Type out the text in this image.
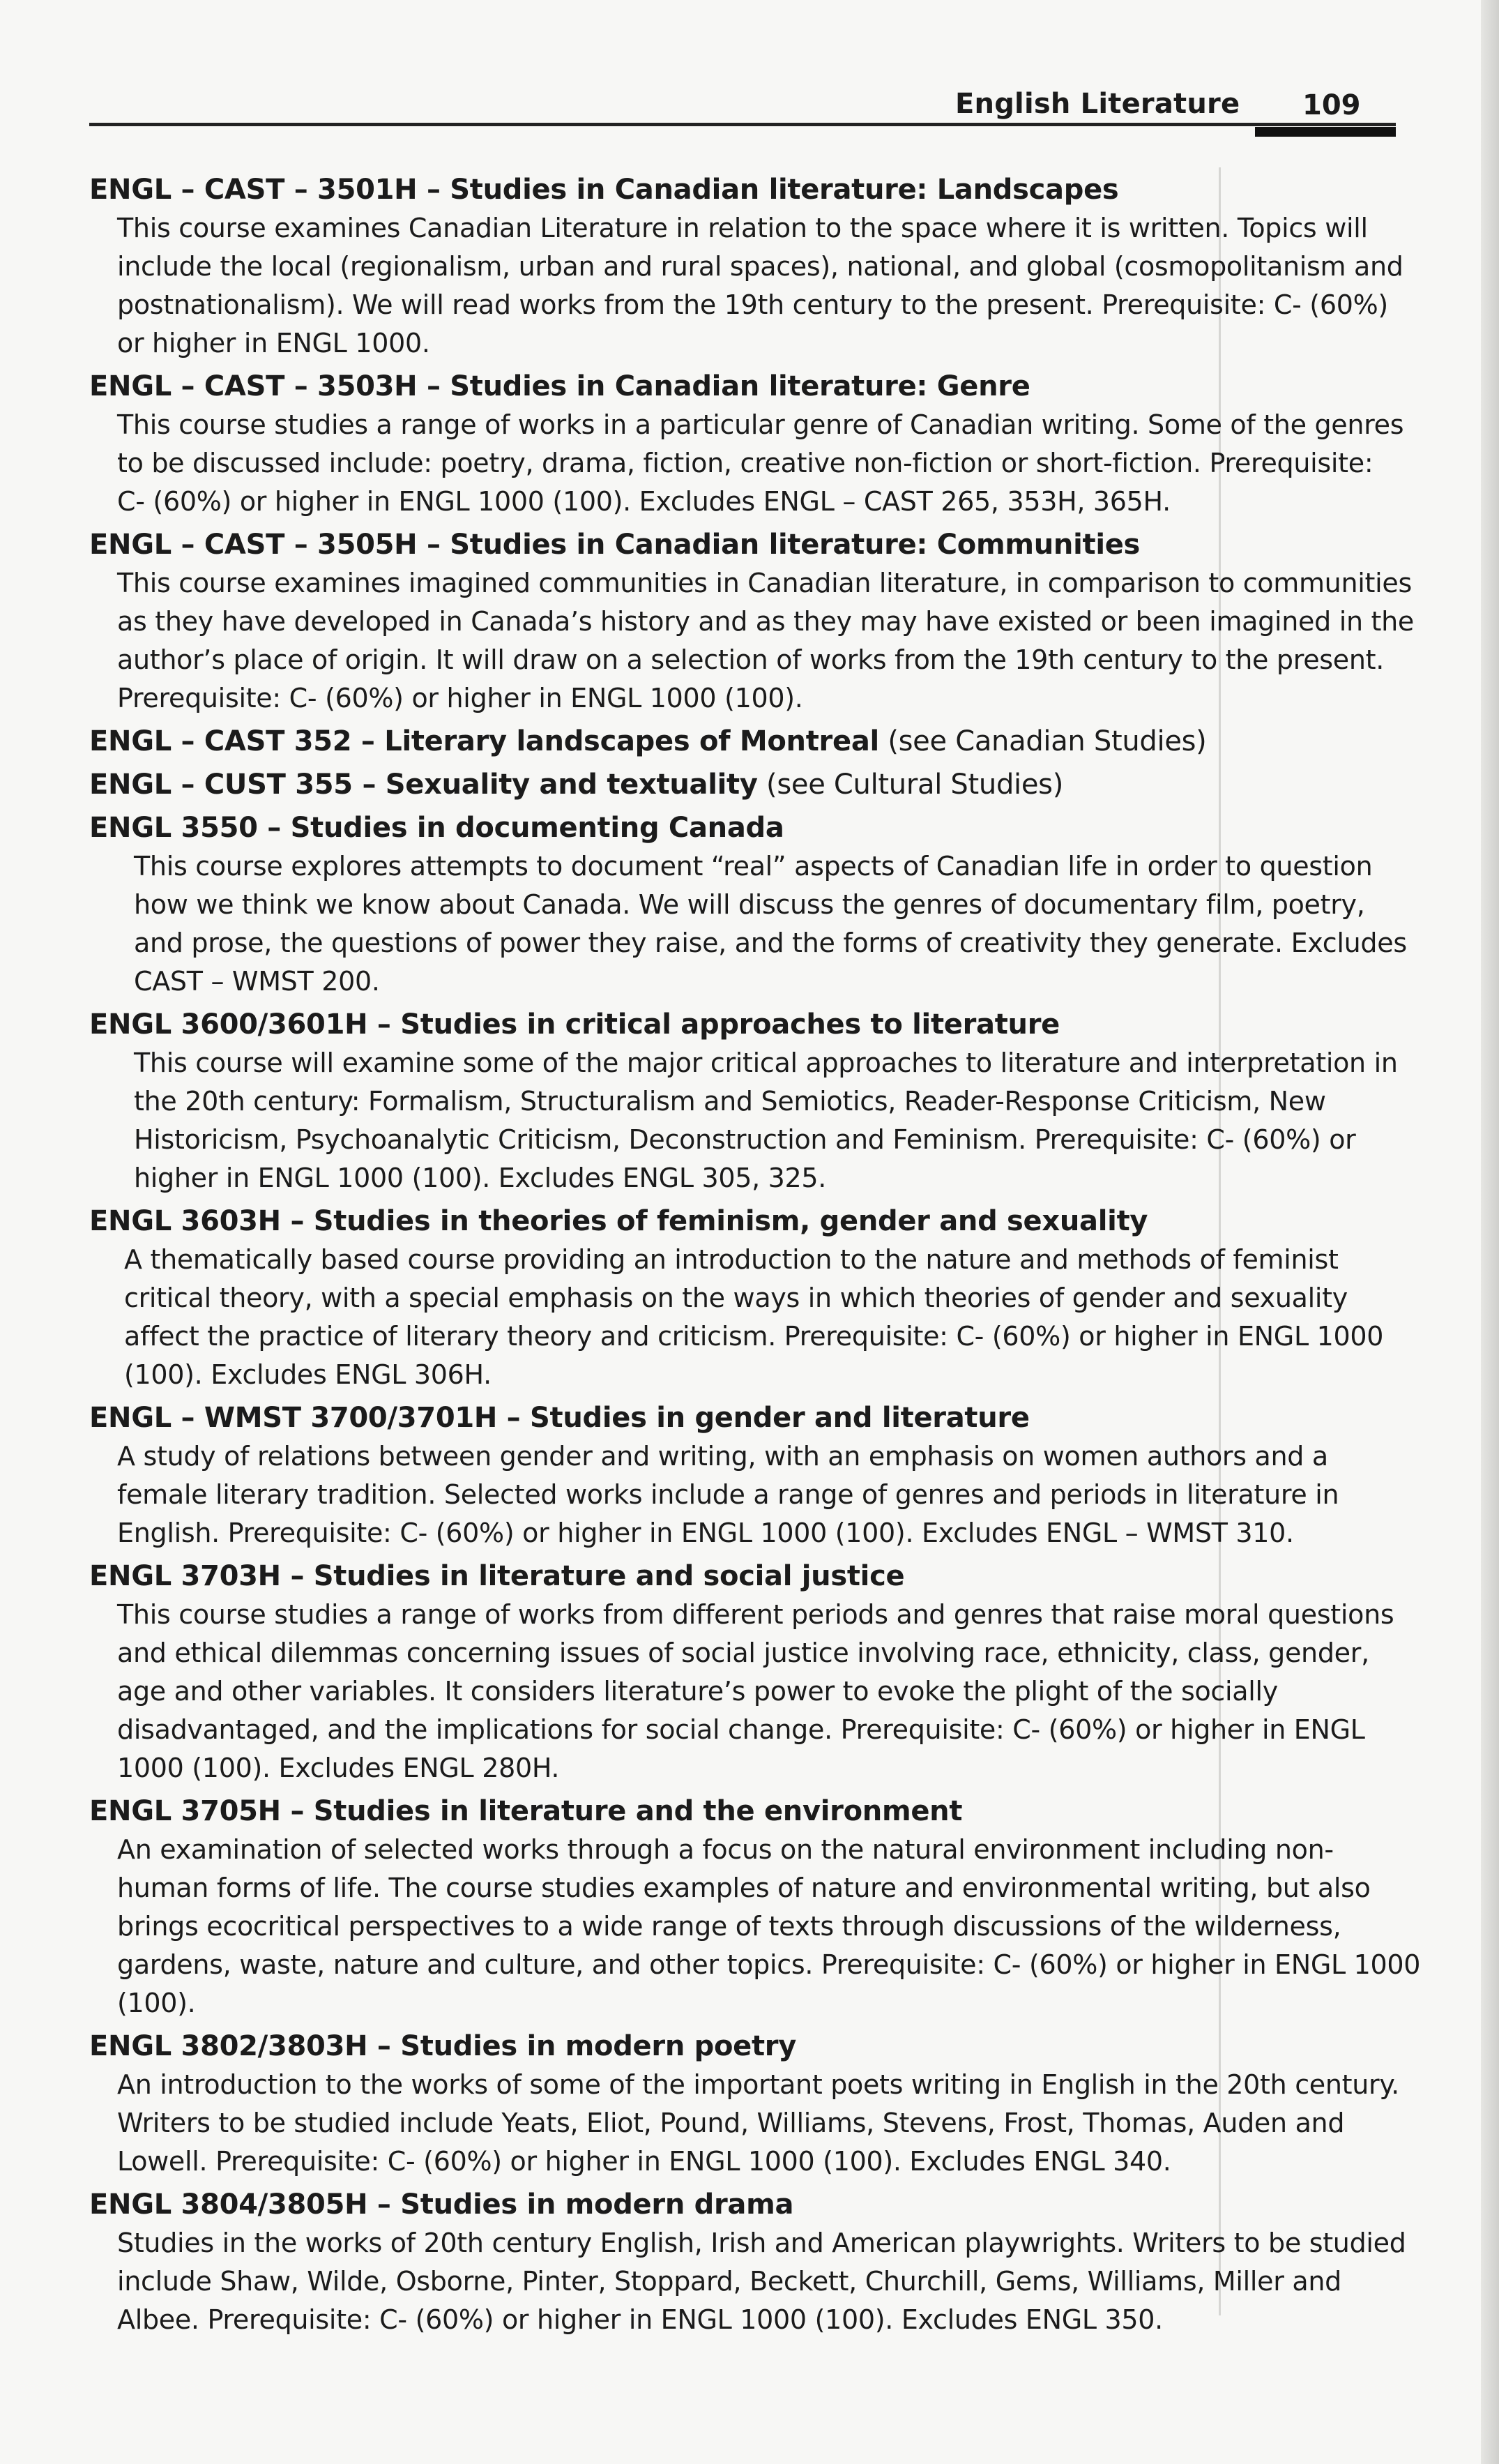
English Literature 109
ENGL – CAST – 3501H – Studies in Canadian literature: Landscapes
This course examines Canadian Literature in relation to the space where it is written. Topics will
include the local (regionalism, urban and rural spaces), national, and global (cosmopolitanism and
postnationalism). We will read works from the 19th century to the present. Prerequisite: C- (60%)
or higher in ENGL 1000.
ENGL – CAST – 3503H – Studies in Canadian literature: Genre
This course studies a range of works in a particular genre of Canadian writing. Some of the genres
to be discussed include: poetry, drama, fiction, creative non-fiction or short-fiction. Prerequisite:
C- (60%) or higher in ENGL 1000 (100). Excludes ENGL – CAST 265, 353H, 365H.
ENGL – CAST – 3505H – Studies in Canadian literature: Communities
This course examines imagined communities in Canadian literature, in comparison to communities
as they have developed in Canada’s history and as they may have existed or been imagined in the
author’s place of origin. It will draw on a selection of works from the 19th century to the present.
Prerequisite: C- (60%) or higher in ENGL 1000 (100).
ENGL – CAST 352 – Literary landscapes of Montreal (see Canadian Studies)
ENGL – CUST 355 – Sexuality and textuality (see Cultural Studies)
ENGL 3550 – Studies in documenting Canada
This course explores attempts to document “real” aspects of Canadian life in order to question
how we think we know about Canada. We will discuss the genres of documentary film, poetry,
and prose, the questions of power they raise, and the forms of creativity they generate. Excludes
CAST – WMST 200.
ENGL 3600/3601H – Studies in critical approaches to literature
This course will examine some of the major critical approaches to literature and interpretation in
the 20th century: Formalism, Structuralism and Semiotics, Reader-Response Criticism, New
Historicism, Psychoanalytic Criticism, Deconstruction and Feminism. Prerequisite: C- (60%) or
higher in ENGL 1000 (100). Excludes ENGL 305, 325.
ENGL 3603H – Studies in theories of feminism, gender and sexuality
A thematically based course providing an introduction to the nature and methods of feminist
critical theory, with a special emphasis on the ways in which theories of gender and sexuality
affect the practice of literary theory and criticism. Prerequisite: C- (60%) or higher in ENGL 1000
(100). Excludes ENGL 306H.
ENGL – WMST 3700/3701H – Studies in gender and literature
A study of relations between gender and writing, with an emphasis on women authors and a
female literary tradition. Selected works include a range of genres and periods in literature in
English. Prerequisite: C- (60%) or higher in ENGL 1000 (100). Excludes ENGL – WMST 310.
ENGL 3703H – Studies in literature and social justice
This course studies a range of works from different periods and genres that raise moral questions
and ethical dilemmas concerning issues of social justice involving race, ethnicity, class, gender,
age and other variables. It considers literature’s power to evoke the plight of the socially
disadvantaged, and the implications for social change. Prerequisite: C- (60%) or higher in ENGL
1000 (100). Excludes ENGL 280H.
ENGL 3705H – Studies in literature and the environment
An examination of selected works through a focus on the natural environment including non-
human forms of life. The course studies examples of nature and environmental writing, but also
brings ecocritical perspectives to a wide range of texts through discussions of the wilderness,
gardens, waste, nature and culture, and other topics. Prerequisite: C- (60%) or higher in ENGL 1000
(100).
ENGL 3802/3803H – Studies in modern poetry
An introduction to the works of some of the important poets writing in English in the 20th century.
Writers to be studied include Yeats, Eliot, Pound, Williams, Stevens, Frost, Thomas, Auden and
Lowell. Prerequisite: C- (60%) or higher in ENGL 1000 (100). Excludes ENGL 340.
ENGL 3804/3805H – Studies in modern drama
Studies in the works of 20th century English, Irish and American playwrights. Writers to be studied
include Shaw, Wilde, Osborne, Pinter, Stoppard, Beckett, Churchill, Gems, Williams, Miller and
Albee. Prerequisite: C- (60%) or higher in ENGL 1000 (100). Excludes ENGL 350.
